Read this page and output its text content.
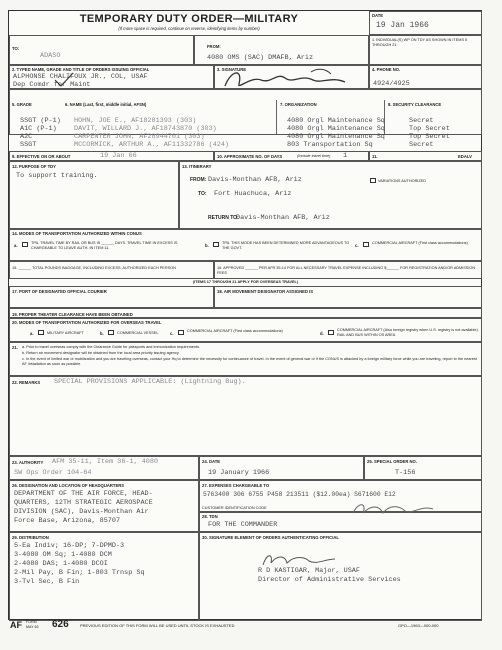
TEMPORARY DUTY ORDER—MILITARY
(If more space is required, continue on reverse, identifying items by number)
DATE
19 Jan 1966
TO:
ADASO
FROM:
4080 OMS (SAC) DMAFB, Ariz
1. INDIVIDUAL(S) WP ON TDY AS SHOWN IN ITEMS 5 THROUGH 21.
2. TYPED NAME, GRADE AND TITLE OF ORDERS ISSUING OFFICIAL
ALPHONSE CHALIFOUX JR., COL, USAF
Dep Comdr for Maint
3. SIGNATURE	4. PHONE NO.
4924/4925
5. GRADE	6. NAME (Last, first, middle initial, AFSN)	7. ORGANIZATION	8. SECURITY CLEARANCE
SSGT (P-1) HOHN, JOE E., AF18281393 (303)	4080 Orgl Maintenance Sq	Secret
A1C (P-1)	DAVIT, WILLARD J., AF18743870 (303)	4080 Orgl Maintenance Sq	Top Secret
A2C	CARPENTER JOHN, AF28944701 (303)	4080 Orgl Maintenance Sq	Top Secret
SSGT	MCCORMICK, ARTHUR A., AF11332786 (424)	803 Transportation Sq	Secret
9. EFFECTIVE ON OR ABOUT	19 Jan 66	10. APPROXIMATE NO. OF DAYS	(Include travel time) 1	11.	EDALV
12. PURPOSE OF TDY
To support training.
13. ITINERARY
FROM: Davis-Monthan AFB, Ariz
TO: Fort Huachuca, Ariz
RETURN TO:
Davis-Monthan AFB, Ariz
VARIATIONS AUTHORIZED
14. MODES OF TRANSPORTATION AUTHORIZED WITHIN CONUS
a.	TPA. TRAVEL TIME BY RAIL OR BUS IS ______ DAYS. TRAVEL TIME IN EXCESS IS CHARGEABLE TO LEAVE AUTH. IN ITEM 11.	b.	TPA. THIS MODE HAS BEEN DETERMINED MORE ADVANTAGEOUS TO THE GOVT.	c.	COMMERCIAL AIRCRAFT (First class accommodations)
15. ______ TOTAL POUNDS BAGGAGE, INCLUDING EXCESS, AUTHORIZED EACH PERSON	16. APPROVED ______ PER AFR 35-14 FOR ALL NECESSARY TRAVEL EXPENSE INCLUDING $______ FOR REGISTRATION AND/OR ADMISSION FEES
(ITEMS 17 THROUGH 21 APPLY FOR OVERSEAS TRAVEL)
17. PORT OF DESIGNATED OFFICIAL COURIER	18. AIR MOVEMENT DESIGNATOR ASSIGNED IS
19. PROPER THEATER CLEARANCE HAVE BEEN OBTAINED
20. MODES OF TRANSPORTATION AUTHORIZED FOR OVERSEAS TRAVEL
a.	MILITARY AIRCRAFT	b.	COMMERCIAL VESSEL	c.	COMMERCIAL AIRCRAFT (First class accommodations)	d.
COMMERCIAL AIRCRAFT (Also foreign registry when U.S. registry is not available). RAIL AND BUS WITHIN OS AREA
21. a. Prior to travel overseas comply with the Clearance Guide for passports and immunization requirements.
b. Return air movement designator will be obtained from the local area priority issuing agency.
c. In the event of limited war or mobilization and you are traveling overseas, contact your Hq to determine the necessity for continuance of travel. In the event of general war or if the CONUS is attacked by a foreign military force while you are traveling, report to the nearest AF installation as soon as possible.
22. REMARKS SPECIAL PROVISIONS APPLICABLE: (Lightning Bug).
23. AUTHORITY AFM 35-11, Item 36-1, 4080
SW Ops Order 104-64
24. DATE
19 January 1966
25. SPECIAL ORDER NO.
T-156
26. DESIGNATION AND LOCATION OF HEADQUARTERS
DEPARTMENT OF THE AIR FORCE, HEAD-
QUARTERS, 12TH STRATEGIC AEROSPACE
DIVISION (SAC), Davis-Monthan Air
Force Base, Arizona, 85707
27. EXPENSES CHARGEABLE TO
5763400 306 6755 P458 213511 ($12.00ea) S671600 E12
CUSTOMER IDENTIFICATION CODE
28. TDN
FOR THE COMMANDER
29. DISTRIBUTION
5-Ea Indiv; 16-DP; 7-DPMD-3
3-4080 OM Sq; 1-4080 DCM
2-4080 DAS; 1-4080 DCOI
2-Mil Pay, B Fin; 1-803 Trnsp Sq
3-Tvl Sec, B Fin
30. SIGNATURE ELEMENT OF ORDERS AUTHENTICATING OFFICIAL
R D KASTIGAR, Major, USAF
Director of Administrative Services
AF FORM
MAY 63 626	PREVIOUS EDITION OF THIS FORM WILL BE USED UNTIL STOCK IS EXHAUSTED	GPO—1963—000-000
